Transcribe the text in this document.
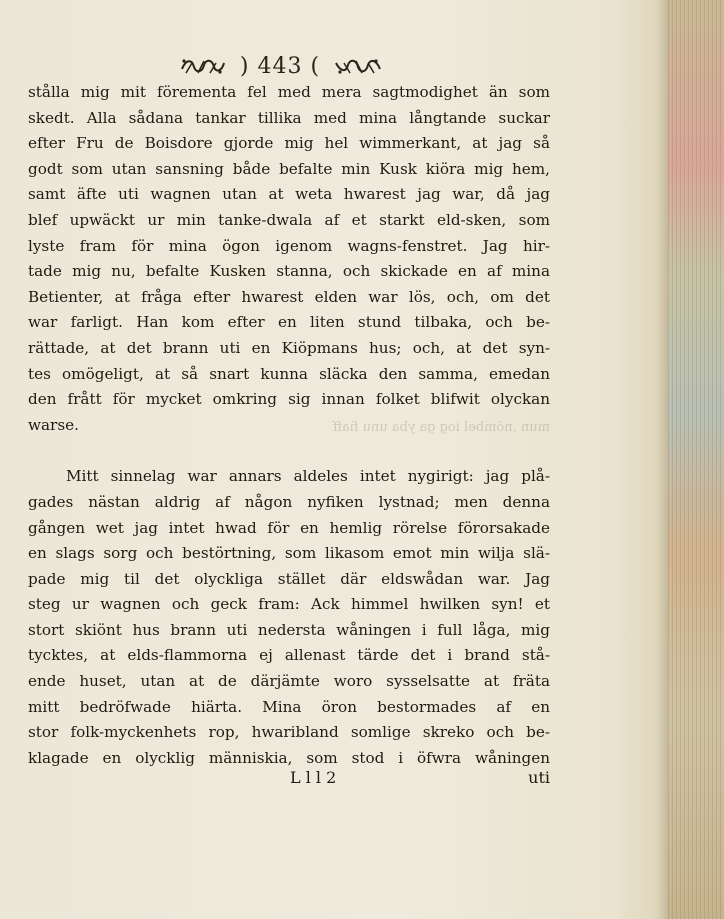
) 443 (
mun ,nömbel iog ga yba unu fiaff
stålla mig mit förementa fel med mera sagtmodighet än som
skedt. Alla sådana tankar tillika med mina långtande suckar
efter Fru de Boisdore gjorde mig hel wimmerkant, at jag så
godt som utan sansning både befalte min Kusk kiöra mig hem,
samt äfte uti wagnen utan at weta hwarest jag war, då jag
blef upwäckt ur min tanke-dwala af et starkt eld-sken, som
lyste fram för mina ögon igenom wagns-fenstret. Jag hir-
tade mig nu, befalte Kusken stanna, och skickade en af mina
Betienter, at fråga efter hwarest elden war lös, och, om det
war farligt. Han kom efter en liten stund tilbaka, och be-
rättade, at det brann uti en Kiöpmans hus; och, at det syn-
tes omögeligt, at så snart kunna släcka den samma, emedan
den frått för mycket omkring sig innan folket blifwit olyckan
warse.
Mitt sinnelag war annars aldeles intet nygirigt: jag plå-
gades nästan aldrig af någon nyfiken lystnad; men denna
gången wet jag intet hwad för en hemlig rörelse förorsakade
en slags sorg och bestörtning, som likasom emot min wilja slä-
pade mig til det olyckliga stället där eldswådan war. Jag
steg ur wagnen och geck fram: Ack himmel hwilken syn! et
stort skiönt hus brann uti nedersta wåningen i full låga, mig
tycktes, at elds-flammorna ej allenast tärde det i brand stå-
ende huset, utan at de därjämte woro sysselsatte at fräta
mitt bedröfwade hiärta. Mina öron bestormades af en
stor folk-myckenhets rop, hwaribland somlige skreko och be-
klagade en olycklig människia, som stod i öfwra wåningen
L l l 2	uti
